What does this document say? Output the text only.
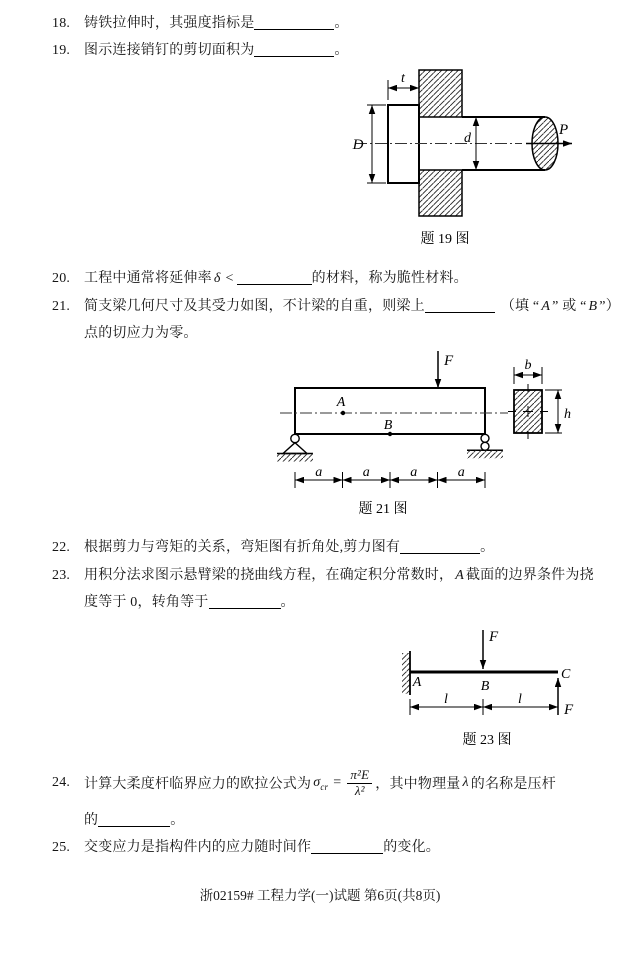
18. 铸铁拉伸时，其强度指标是	。
19. 图示连接销钉的剪切面积为	。
P
t
D	d
题 19 图
20. 工程中通常将延伸率 δ <	的材料，称为脆性材料。
21. 简支梁几何尺寸及其受力如图，不计梁的自重，则梁上	（填 “ A ” 或 “ B ”）
点的切应力为零。
A
B
F
a	a	a	a
b
h
题 21 图
22. 根据剪力与弯矩的关系，弯矩图有折角处,剪力图有	。
23. 用积分法求图示悬臂梁的挠曲线方程，在确定积分常数时， A 截面的边界条件为挠
度等于 0，转角等于	。
A	B
C
F
F
l	l
题 23 图
24. 计算大柔度杆临界应力的欧拉公式为 $\sigma_{cr} = \frac{\text{π²E}}{\text{λ²}}$ ，其中物理量 λ 的名称是压杆
的	。
25. 交变应力是指构件内的应力随时间作	的变化。
浙02159# 工程力学(一)试题 第6页(共8页)
